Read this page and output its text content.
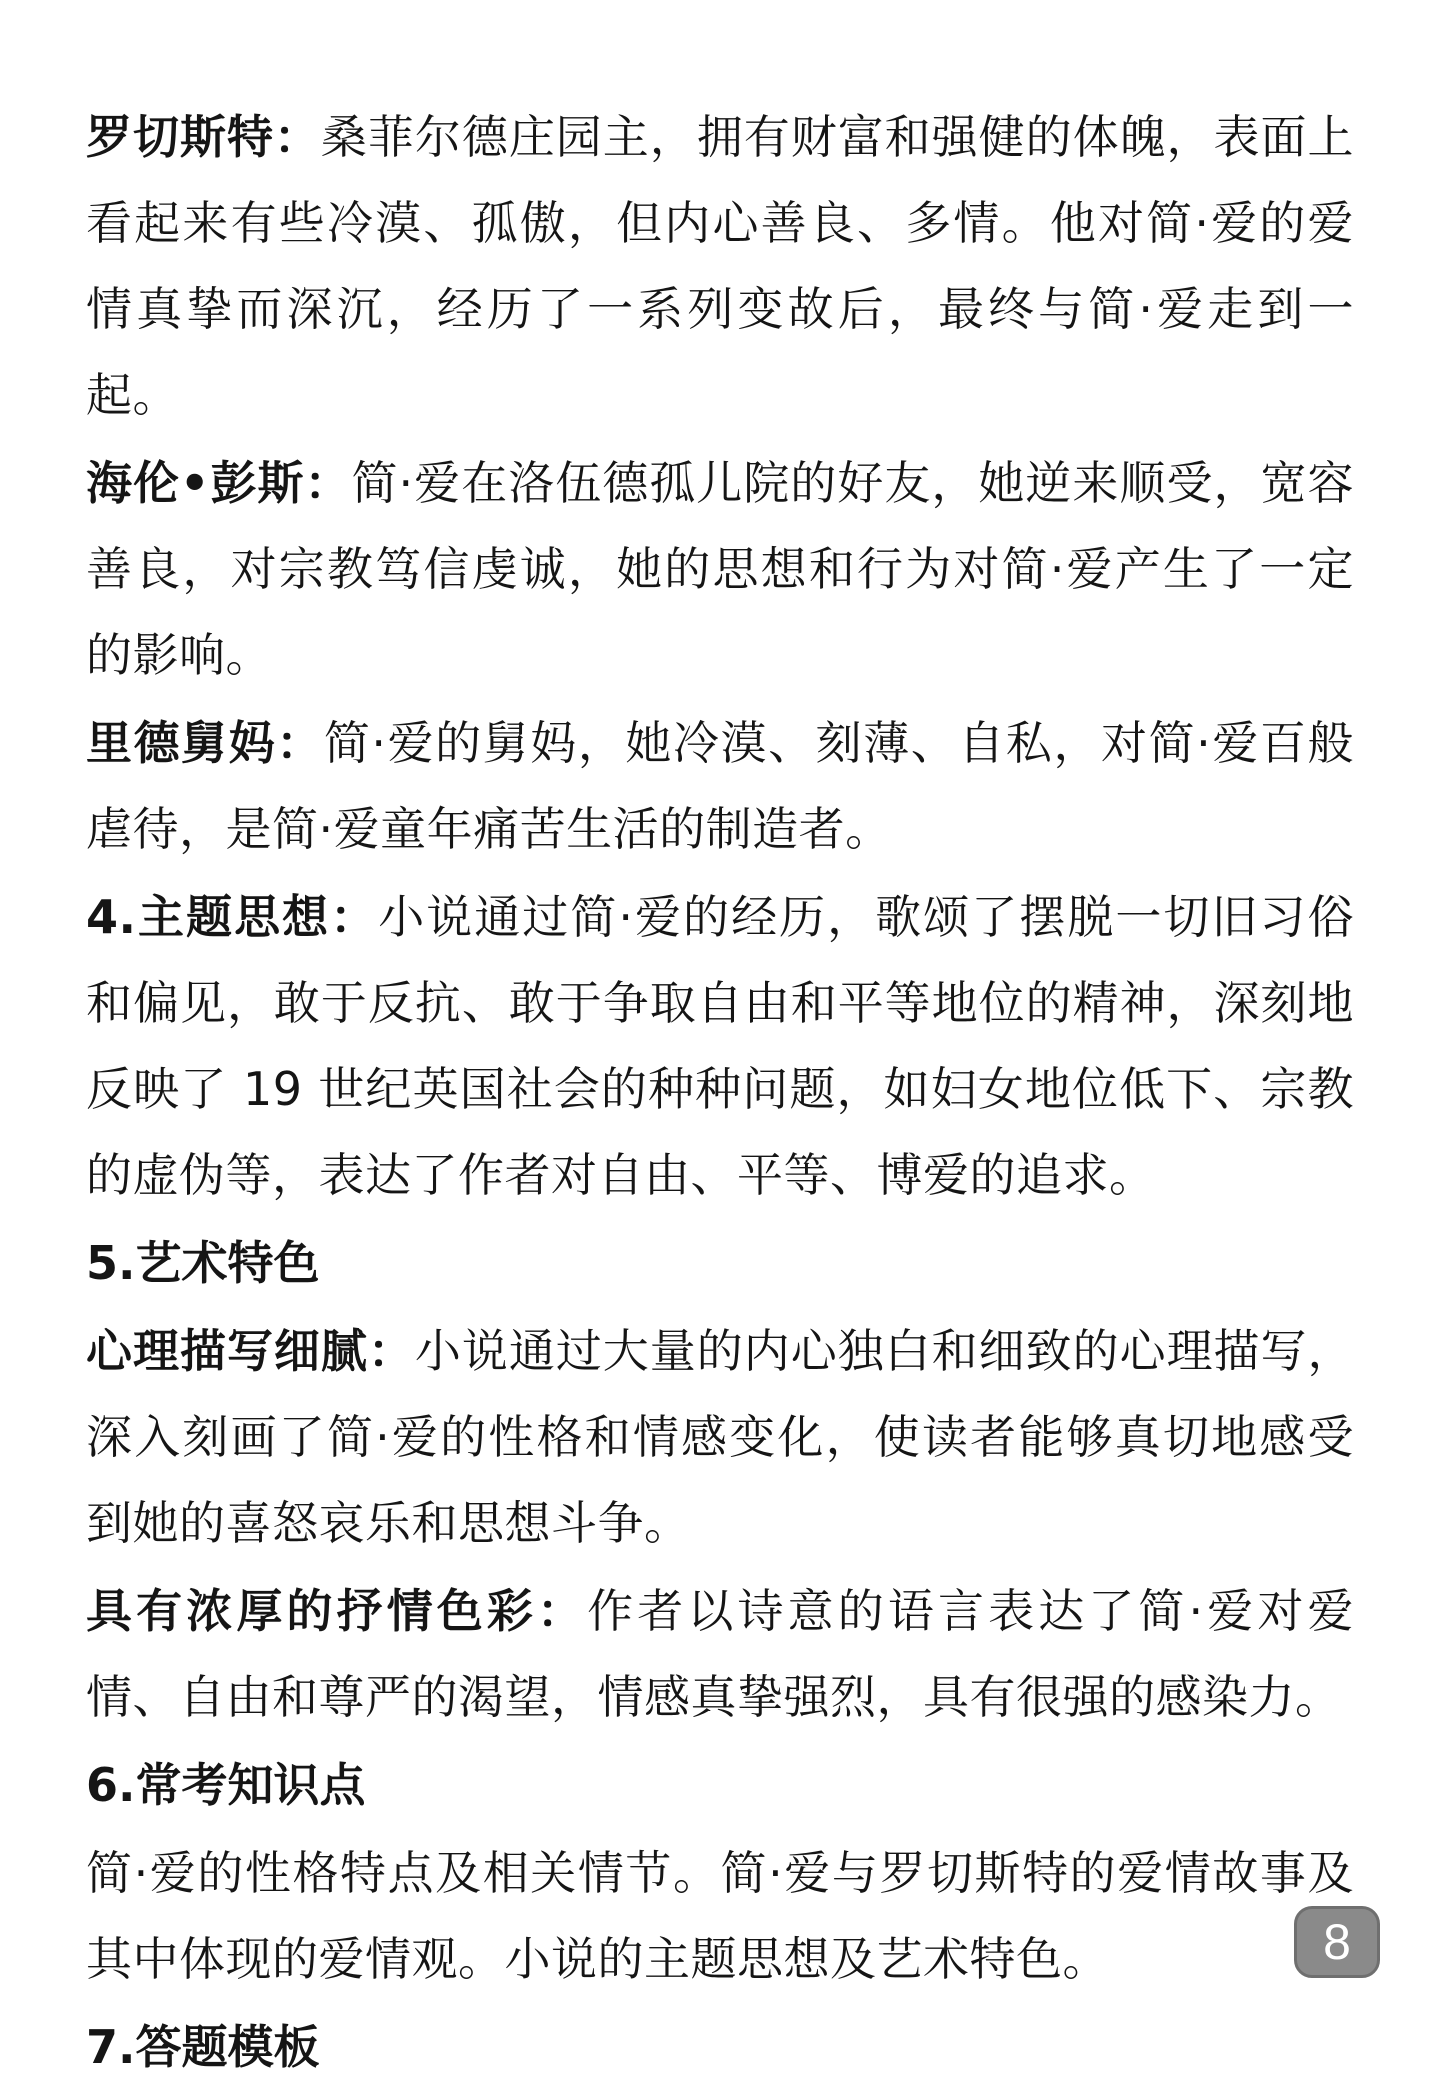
罗切斯特：桑菲尔德庄园主，拥有财富和强健的体魄，表面上看起来有些冷漠、孤傲，但内心善良、多情。他对简·爱的爱情真挚而深沉，经历了一系列变故后，最终与简·爱走到一起。

海伦•彭斯：简·爱在洛伍德孤儿院的好友，她逆来顺受，宽容善良，对宗教笃信虔诚，她的思想和行为对简·爱产生了一定的影响。

里德舅妈：简·爱的舅妈，她冷漠、刻薄、自私，对简·爱百般虐待，是简·爱童年痛苦生活的制造者。

4.主题思想：小说通过简·爱的经历，歌颂了摆脱一切旧习俗和偏见，敢于反抗、敢于争取自由和平等地位的精神，深刻地反映了 19 世纪英国社会的种种问题，如妇女地位低下、宗教的虚伪等，表达了作者对自由、平等、博爱的追求。

5.艺术特色

心理描写细腻：小说通过大量的内心独白和细致的心理描写，深入刻画了简·爱的性格和情感变化，使读者能够真切地感受到她的喜怒哀乐和思想斗争。

具有浓厚的抒情色彩：作者以诗意的语言表达了简·爱对爱情、自由和尊严的渴望，情感真挚强烈，具有很强的感染力。

6.常考知识点

简·爱的性格特点及相关情节。简·爱与罗切斯特的爱情故事及其中体现的爱情观。小说的主题思想及艺术特色。

7.答题模板

8
